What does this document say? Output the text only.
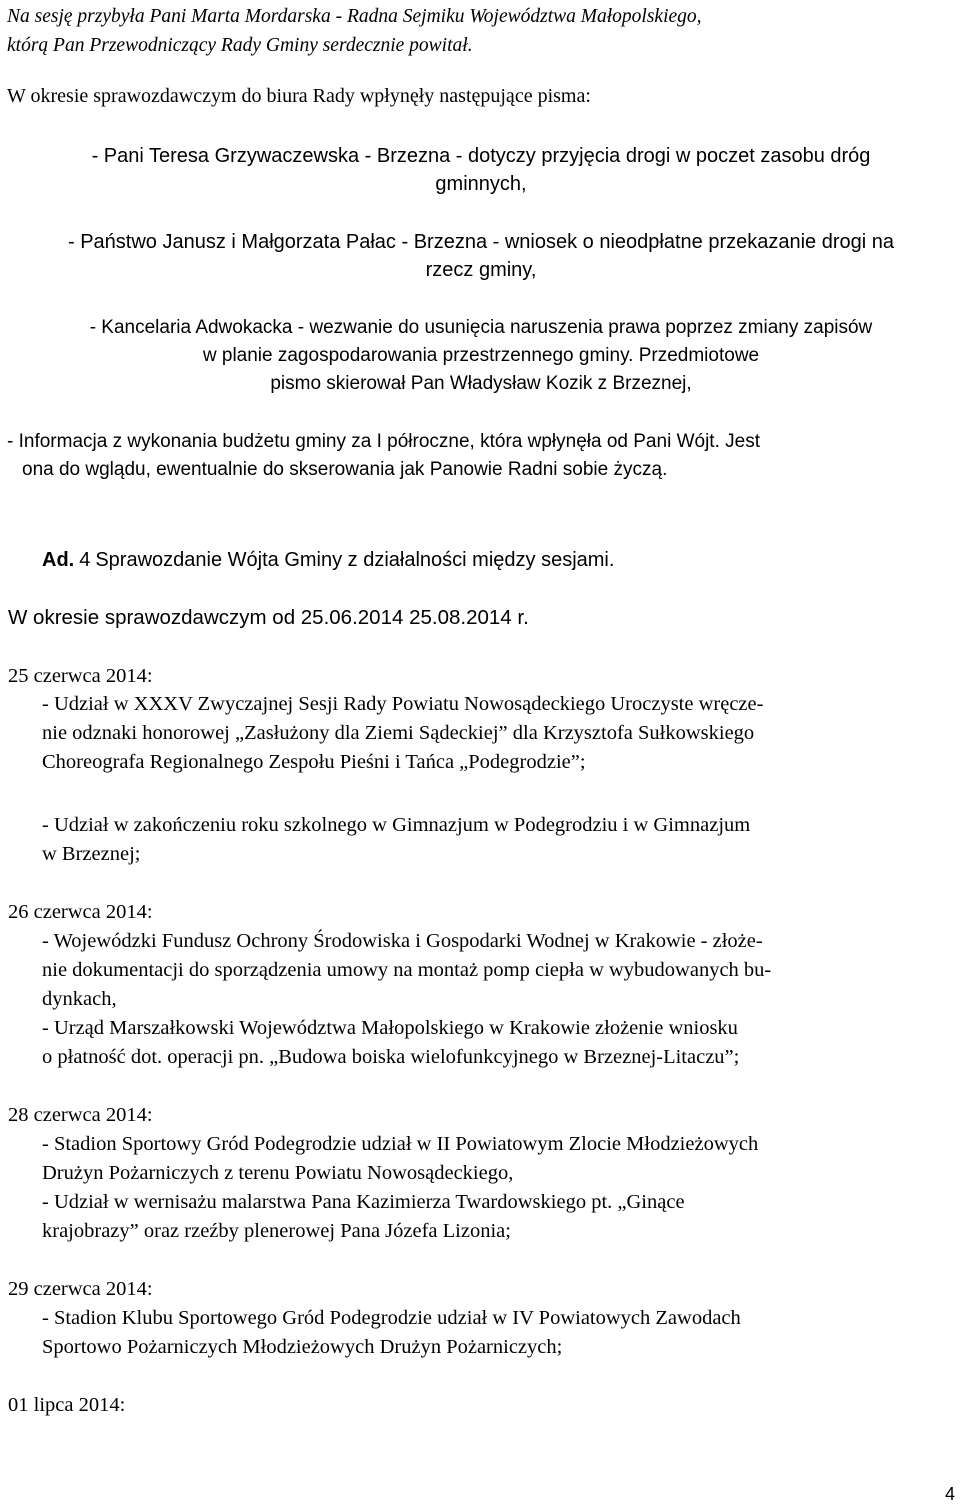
Na sesję przybyła Pani Marta Mordarska - Radna Sejmiku Województwa Małopolskiego,
którą Pan Przewodniczący Rady Gminy serdecznie powitał.

W okresie sprawozdawczym do biura Rady wpłynęły następujące pisma:

- Pani Teresa Grzywaczewska - Brzezna - dotyczy przyjęcia drogi w poczet zasobu dróg
gminnych,
- Państwo Janusz i Małgorzata Pałac - Brzezna - wniosek o nieodpłatne przekazanie drogi na
rzecz gminy,
- Kancelaria Adwokacka - wezwanie do usunięcia naruszenia prawa poprzez zmiany zapisów
w planie zagospodarowania przestrzennego gminy. Przedmiotowe
pismo skierował Pan Władysław Kozik z Brzeznej,
- Informacja z wykonania budżetu gminy za I półroczne, która wpłynęła od Pani Wójt. Jest
ona do wglądu, ewentualnie do skserowania jak Panowie Radni sobie życzą.

Ad. 4 Sprawozdanie Wójta Gminy z działalności między sesjami.

W okresie sprawozdawczym od 25.06.2014 25.08.2014 r.

25 czerwca 2014:

- Udział w XXXV Zwyczajnej Sesji Rady Powiatu Nowosądeckiego Uroczyste wręcze-
nie odznaki honorowej „Zasłużony dla Ziemi Sądeckiej” dla Krzysztofa Sułkowskiego
Choreografa Regionalnego Zespołu Pieśni i Tańca „Podegrodzie”;

- Udział w zakończeniu roku szkolnego w Gimnazjum w Podegrodziu i w Gimnazjum
w Brzeznej;

26 czerwca 2014:

- Wojewódzki Fundusz Ochrony Środowiska i Gospodarki Wodnej w Krakowie - złoże-
nie dokumentacji do sporządzenia umowy na montaż pomp ciepła w wybudowanych bu-
dynkach,
- Urząd Marszałkowski Województwa Małopolskiego w Krakowie złożenie wniosku
o płatność dot. operacji pn. „Budowa boiska wielofunkcyjnego w Brzeznej-Litaczu”;

28 czerwca 2014:

- Stadion Sportowy Gród Podegrodzie udział w II Powiatowym Zlocie Młodzieżowych
Drużyn Pożarniczych z terenu Powiatu Nowosądeckiego,
- Udział w wernisażu malarstwa Pana Kazimierza Twardowskiego pt. „Ginące
krajobrazy” oraz rzeźby plenerowej Pana Józefa Lizonia;

29 czerwca 2014:

- Stadion Klubu Sportowego Gród Podegrodzie udział w IV Powiatowych Zawodach
Sportowo Pożarniczych Młodzieżowych Drużyn Pożarniczych;

01 lipca 2014:

4
